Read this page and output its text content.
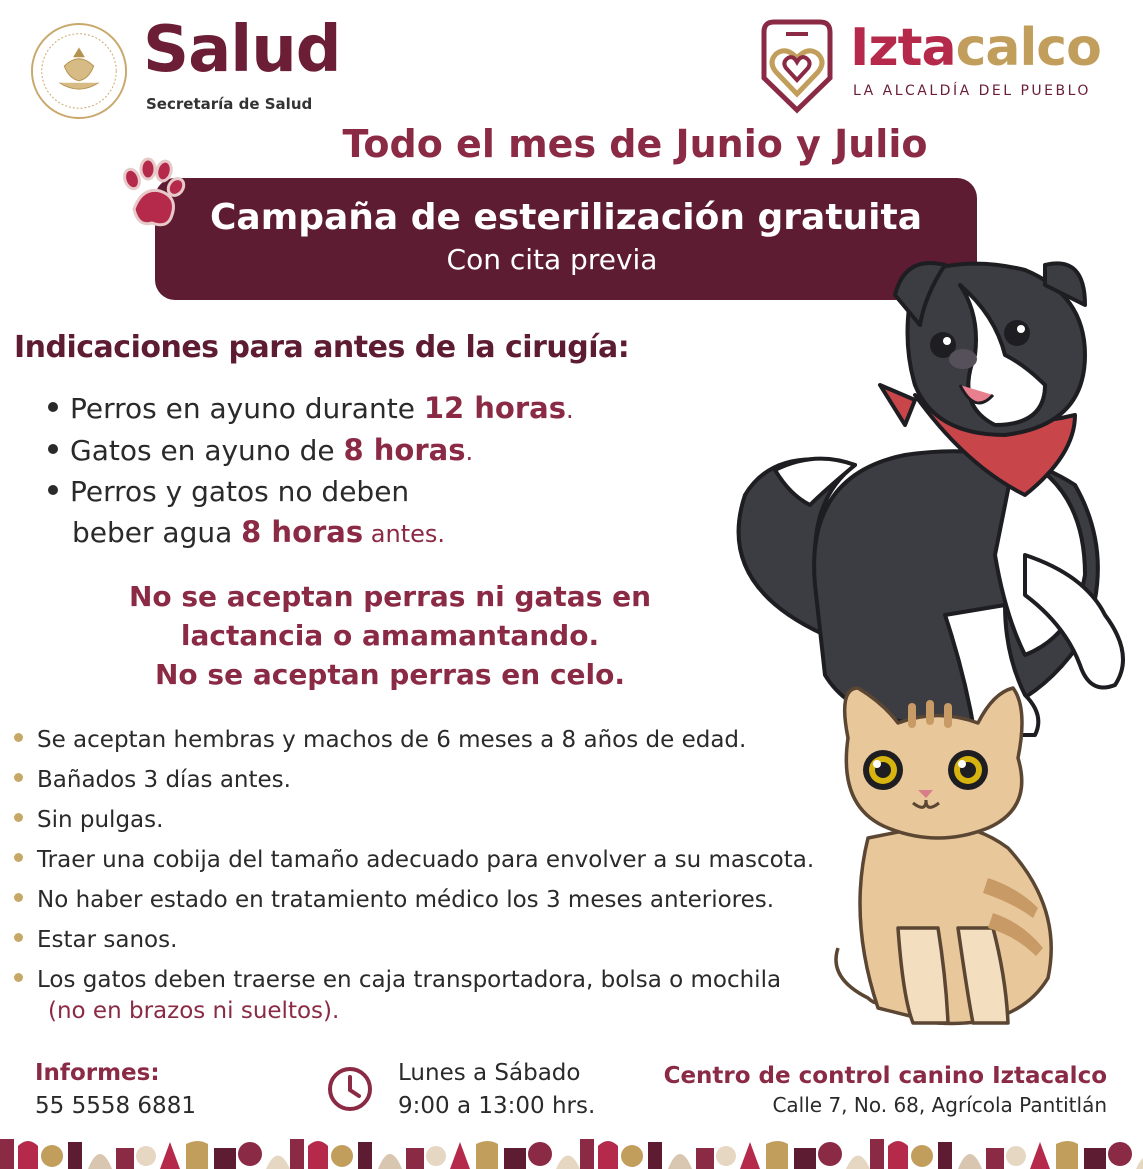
Salud
Secretaría de Salud
Iztacalco
LA ALCALDÍA DEL PUEBLO
Todo el mes de Junio y Julio
Campaña de esterilización gratuita
Con cita previa
Indicaciones para antes de la cirugía:
Perros en ayuno durante 12 horas.
Gatos en ayuno de 8 horas.
Perros y gatos no deben
beber agua 8 horas antes.
No se aceptan perras ni gatas en
lactancia o amamantando.
No se aceptan perras en celo.
Se aceptan hembras y machos de 6 meses a 8 años de edad.
Bañados 3 días antes.
Sin pulgas.
Traer una cobija del tamaño adecuado para envolver a su mascota.
No haber estado en tratamiento médico los 3 meses anteriores.
Estar sanos.
Los gatos deben traerse en caja transportadora, bolsa o mochila
(no en brazos ni sueltos).
Informes:
55 5558 6881
Lunes a Sábado
9:00 a 13:00 hrs.
Centro de control canino Iztacalco
Calle 7, No. 68, Agrícola Pantitlán
